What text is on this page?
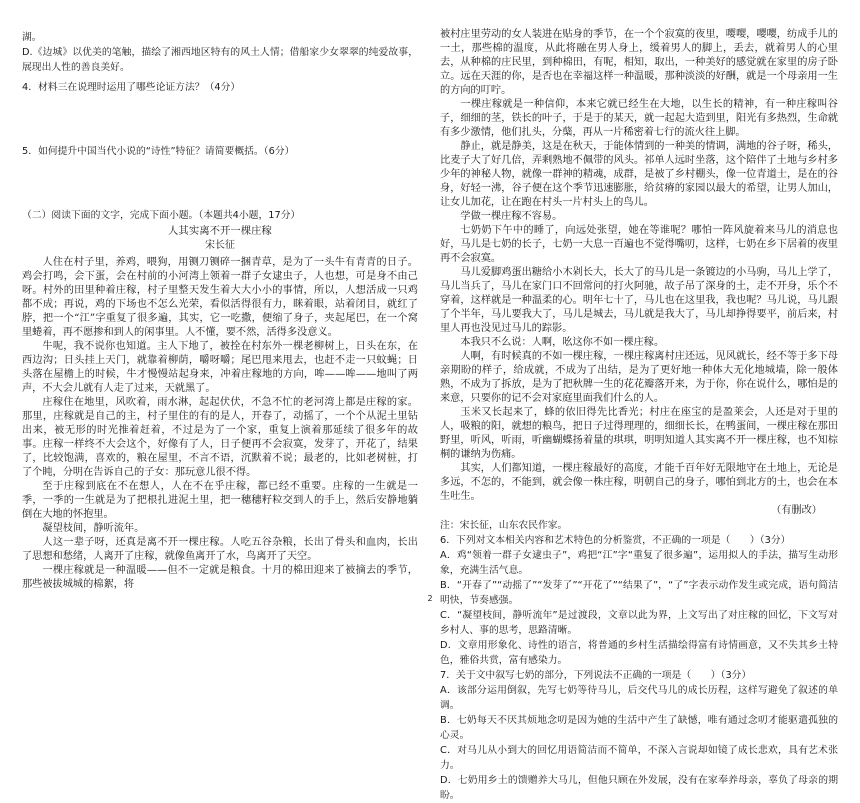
湖。

D.《边城》以优美的笔触，描绘了湘西地区特有的风土人情；借船家少女翠翠的纯爱故事，展现出人性的善良美好。

4．材料三在说理时运用了哪些论证方法？（4分）

5．如何提升中国当代小说的“诗性”特征？请简要概括。（6分）

（二）阅读下面的文字，完成下面小题。（本题共4小题，17分）

人其实离不开一棵庄稼
宋长征

人住在村子里，养鸡，喂狗，用铡刀铡碎一捆青草，是为了一头牛有青青的日子。鸡会打鸣，会下蛋，会在村前的小河湾上领着一群子女逮虫子，人也想，可是身不由己呀。村外的田里种着庄稼，村子里整天发生着大大小小的事情，所以，人想活成一只鸡都不成；再说，鸡的下场也不怎么光荣，看似活得很有力，眯着眼，站着闭目，就红了脖，把一个“江”字重复了很多遍，其实，它一吃撒，便缩了身子，夹起尾巴，在一个窝里蜷着，再不愿掺和到人的闲事里。人不懂，要不然，活得多没意义。

牛呢，我不说你也知道。主人下地了，被拴在村东外一棵老柳树上，日头在东，在西边沟；日头挂上天门，就靠着柳荫，嚼呀嚼；尾巴甩来甩去，也赶不走一只蚊蝇；日头落在屋檐上的时候，牛才慢慢站起身来，冲着庄稼地的方向，哞——哞——地叫了两声，不大会儿就有人走了过来，天就黑了。

庄稼住在地里，风吹着，雨水淋，起起伏伏，不急不忙的老河湾上都是庄稼的家。那里，庄稼就是自己的主，村子里住的有的是人，开春了，动摇了，一个个从泥土里钻出来，被无形的时光推着赶着，不过是为了一个家，重复上演着那延续了很多年的故事。庄稼一样终不大会这个，好像有了人，日子便再不会寂寞，发芽了，开花了，结果了，比较饱满，喜欢的，粮在屋里，不言不语，沉默着不说；最老的，比如老树桩，打了个盹，分明在告诉自己的子女：那玩意儿很不得。

至于庄稼到底在不在想人，人在不在乎庄稼，都已经不重要。庄稼的一生就是一季，一季的一生就是为了把根扎进泥土里，把一穗穗籽粒交到人的手上，然后安静地躺倒在大地的怀抱里。

凝望枝间，静听流年。

人这一辈子呀，还真是离不开一棵庄稼。人吃五谷杂粮，长出了骨头和血肉，长出了思想和愁绪，人离开了庄稼，就像鱼离开了水，鸟离开了天空。

一棵庄稼就是一种温暖——但不一定就是粮食。十月的棉田迎来了被摘去的季节，那些被拔城城的棉絮，将

被村庄里劳动的女人装进在贴身的季节，在一个个寂寞的夜里，嘤嘤，嘤嘤，纺成手儿的一土，那些棉的温度，从此将融在男人身上，缓着男人的脚上，丢去，就着男人的心里去，从种棉的庄民里，到种棉田，有呢，相知，取出，一种美好的感觉就在家里的房子卧立。远在天涯的你，是否也在幸福这样一种温暖，那种淡淡的好酬，就是一个母亲用一生的方向的叮咛。

一棵庄稼就是一种信仰，本来它就已经生在大地，以生长的精神，有一种庄稼叫谷子，细细的茎，铁长的叶子，于是于的某天，就一起起大造到里，阳光有多热烈，生命就有多少激情，他们扎头，分蘖，再从一片稀密着七行的流火往上脚。

静止，就是静美，这是在秋天，于能体情到的一种美的情调，满地的谷子呀，稀头，比麦子大了好几倍，弄剩熟地不佩带的风头。祁单人远时坐落，这个陪伴了土地与乡村多少年的神秘人物，就像一群神的精魂，成群，是被了乡村棚头，像一位青道士，是在的谷身，好轻一沸，谷子便在这个季节迅速膨胀，给贫瘠的家园以最大的希望，让男人加山，让女儿加花，让在跑在村头一片村头上的鸟儿。

学做一棵庄稼不容易。

七奶奶下午中的睡了，向远处张望，她在等谁呢？哪怕一阵风旋着来马儿的消息也好，马儿是七奶的长子，七奶一大息一百遍也不觉得嘴叨，这样，七奶在乡下居着的夜里再不会寂寞。

马儿爱脚鸡蛋出糖给小木剁长大，长大了的马儿是一条镀边的小马驹，马儿上学了，马儿当兵了，马儿在家门口不回常问的打火阿驰，故子吊了深身的土，走不开身，乐个不穿着，这样就是一种温柔的心。明年七十了，马儿也在这里我，我也呢？马儿说，马儿跟了个半年，马儿要我大了，马儿是城去，马儿就是我大了，马儿却挣得要平，前后来，村里人再也没见过马儿的踪影。

本我只不么说：人啊，吆这你不如一棵庄稼。

人啊，有时候真的不如一棵庄稼，一棵庄稼离村庄还远，见风就长，经不等于多下母亲期盼的样子，给成就，不成为了出结，是为了更好地一种体大无化地城墙，除一般体熟，不成为了拆放，是为了把秋牌一生的花花瓣落开来，为于你，你在说什么，哪怕是的来意，只要你的记不会对家庭里面我们什么的人。

玉米又长起来了，蜂的依旧得先比香光；村庄在座宝的是盈莱会，人还是对于里的人，吸粮的阳，就想的粮鸟，把日子过得理理的，细细长长，在鸭蛋间，一棵庄稼在那田野里，听风，听雨，听幽蝴蝶扬着量的琪琪，明明知道人其实离不开一棵庄稼，也不知棕桐的谦纳为伤痛。

其实，人们都知道，一棵庄稼最好的高度，才能千百年好无限地守在土地上，无论是多远，不怎的，不能到，就会像一株庄稼，明朝自己的身子，哪怕到北方的土，也会在本生吐生。

（有删改）

注：宋长征，山东农民作家。

6．下列对文本相关内容和艺术特色的分析鉴赏，不正确的一项是（　　）（3分）

A．鸡“领着一群子女逮虫子”，鸡把“江”字“重复了很多遍”，运用拟人的手法，描写生动形象，充满生活气息。

B．“开春了”“动摇了”“发芽了”“开花了”“结果了”，“了”字表示动作发生或完成，语句简洁明快，节奏感强。

C．“凝望枝间，静听流年”是过渡段，文章以此为界，上文写出了对庄稼的回忆，下文写对乡村人、事的思考，思路清晰。

D．文章用形象化、诗性的语言，将普通的乡村生活描绘得富有诗情画意，又不失其乡土特色，雅俗共赏，富有感染力。

7．关于文中叙写七奶的部分，下列说法不正确的一项是（　　）（3分）

A．该部分运用倒叙，先写七奶等待马儿，后交代马儿的成长历程，这样写避免了叙述的单调。

B．七奶每天不厌其烦地念叨是因为她的生活中产生了缺憾，唯有通过念叨才能驱遣孤独的心灵。

C．对马儿从小到大的回忆用语简洁而不简单，不深入言说却如镜了成长悲欢，具有艺术张力。

D．七奶用乡土的馈赠养大马儿，但他只顾在外发展，没有在家奉养母亲，辜负了母亲的期盼。

2
